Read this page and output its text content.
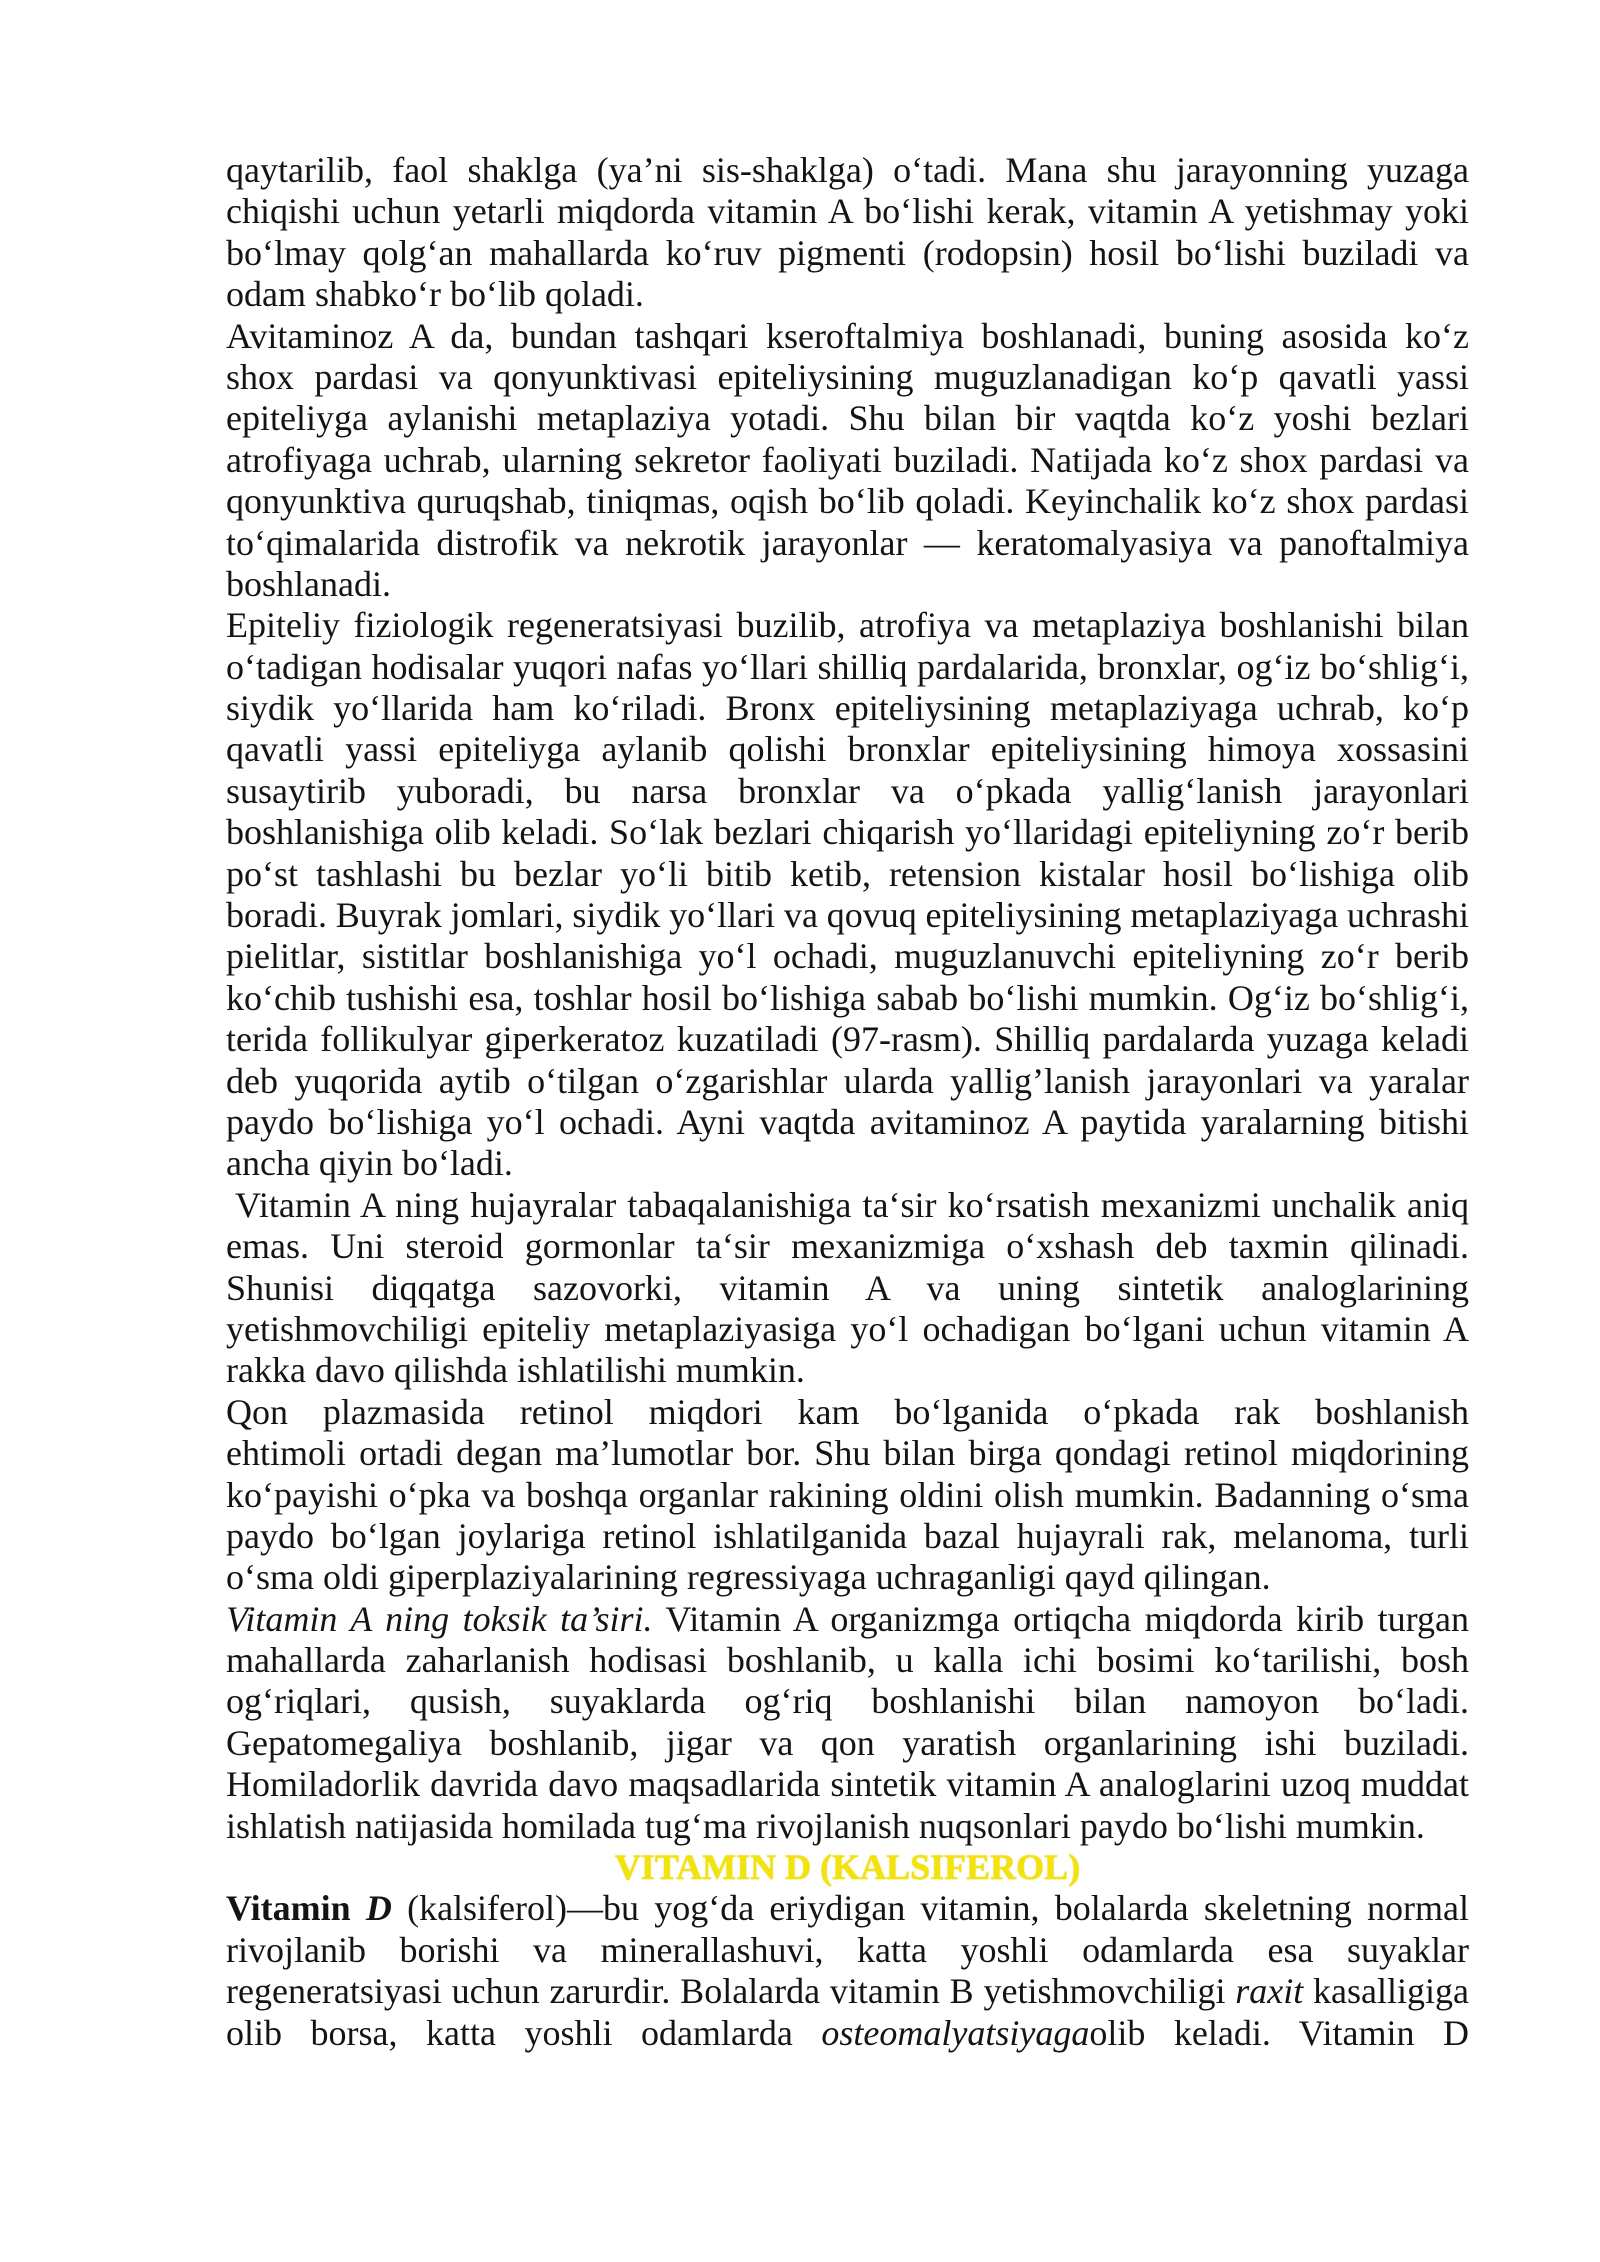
qaytarilib, faol shaklga (ya’ni sis-shaklga) oʻtadi. Mana shu jarayonning yuzaga
chiqishi uchun yetarli miqdorda vitamin A boʻlishi kerak, vitamin A yetishmay yoki
boʻlmay qolgʻan mahallarda koʻruv pigmenti (rodopsin) hosil boʻlishi buziladi va
odam shabkoʻr boʻlib qoladi.
Avitaminoz A da, bundan tashqari kseroftalmiya boshlanadi, buning asosida koʻz
shox pardasi va qonyunktivasi epiteliysining muguzlanadigan koʻp qavatli yassi
epiteliyga aylanishi metaplaziya yotadi. Shu bilan bir vaqtda koʻz yoshi bezlari
atrofiyaga uchrab, ularning sekretor faoliyati buziladi. Natijada koʻz shox pardasi va
qonyunktiva quruqshab, tiniqmas, oqish boʻlib qoladi. Keyinchalik koʻz shox pardasi
toʻqimalarida distrofik va nekrotik jarayonlar — keratomalyasiya va panoftalmiya
boshlanadi.
Epiteliy fiziologik regeneratsiyasi buzilib, atrofiya va metaplaziya boshlanishi bilan
oʻtadigan hodisalar yuqori nafas yoʻllari shilliq pardalarida, bronxlar, ogʻiz boʻshligʻi,
siydik yoʻllarida ham koʻriladi. Bronx epiteliysining metaplaziyaga uchrab, koʻp
qavatli yassi epiteliyga aylanib qolishi bronxlar epiteliysining himoya xossasini
susaytirib yuboradi, bu narsa bronxlar va oʻpkada yalligʻlanish jarayonlari
boshlanishiga olib keladi. Soʻlak bezlari chiqarish yoʻllaridagi epiteliyning zoʻr berib
poʻst tashlashi bu bezlar yoʻli bitib ketib, retension kistalar hosil boʻlishiga olib
boradi. Buyrak jomlari, siydik yoʻllari va qovuq epiteliysining metaplaziyaga uchrashi
pielitlar, sistitlar boshlanishiga yoʻl ochadi, muguzlanuvchi epiteliyning zoʻr berib
koʻchib tushishi esa, toshlar hosil boʻlishiga sabab boʻlishi mumkin. Ogʻiz boʻshligʻi,
terida follikulyar giperkeratoz kuzatiladi (97-rasm). Shilliq pardalarda yuzaga keladi
deb yuqorida aytib oʻtilgan oʻzgarishlar ularda yallig’lanish jarayonlari va yaralar
paydo boʻlishiga yoʻl ochadi. Ayni vaqtda avitaminoz A paytida yaralarning bitishi
ancha qiyin boʻladi.
Vitamin A ning hujayralar tabaqalanishiga taʻsir koʻrsatish mexanizmi unchalik aniq
emas. Uni steroid gormonlar taʻsir mexanizmiga oʻxshash deb taxmin qilinadi.
Shunisi diqqatga sazovorki, vitamin A va uning sintetik analoglarining
yetishmovchiligi epiteliy metaplaziyasiga yoʻl ochadigan boʻlgani uchun vitamin A
rakka davo qilishda ishlatilishi mumkin.
Qon plazmasida retinol miqdori kam boʻlganida oʻpkada rak boshlanish
ehtimoli ortadi degan ma’lumotlar bor. Shu bilan birga qondagi retinol miqdorining
koʻpayishi oʻpka va boshqa organlar rakining oldini olish mumkin. Badanning oʻsma
paydo boʻlgan joylariga retinol ishlatilganida bazal hujayrali rak, melanoma, turli
oʻsma oldi giperplaziyalarining regressiyaga uchraganligi qayd qilingan.
Vitamin A ning toksik ta’siri. Vitamin A organizmga ortiqcha miqdorda kirib turgan
mahallarda zaharlanish hodisasi boshlanib, u kalla ichi bosimi koʻtarilishi, bosh
ogʻriqlari, qusish, suyaklarda ogʻriq boshlanishi bilan namoyon boʻladi.
Gepatomegaliya boshlanib, jigar va qon yaratish organlarining ishi buziladi.
Homiladorlik davrida davo maqsadlarida sintetik vitamin A analoglarini uzoq muddat
ishlatish natijasida homilada tugʻma rivojlanish nuqsonlari paydo boʻlishi mumkin.
VITAMIN D (KALSIFEROL)
Vitamin D (kalsiferol)—bu yogʻda eriydigan vitamin, bolalarda skeletning normal
rivojlanib borishi va minerallashuvi, katta yoshli odamlarda esa suyaklar
regeneratsiyasi uchun zarurdir. Bolalarda vitamin B yetishmovchiligi raxit kasalligiga
olib borsa, katta yoshli odamlarda osteomalyatsiyagaolib keladi. Vitamin D
